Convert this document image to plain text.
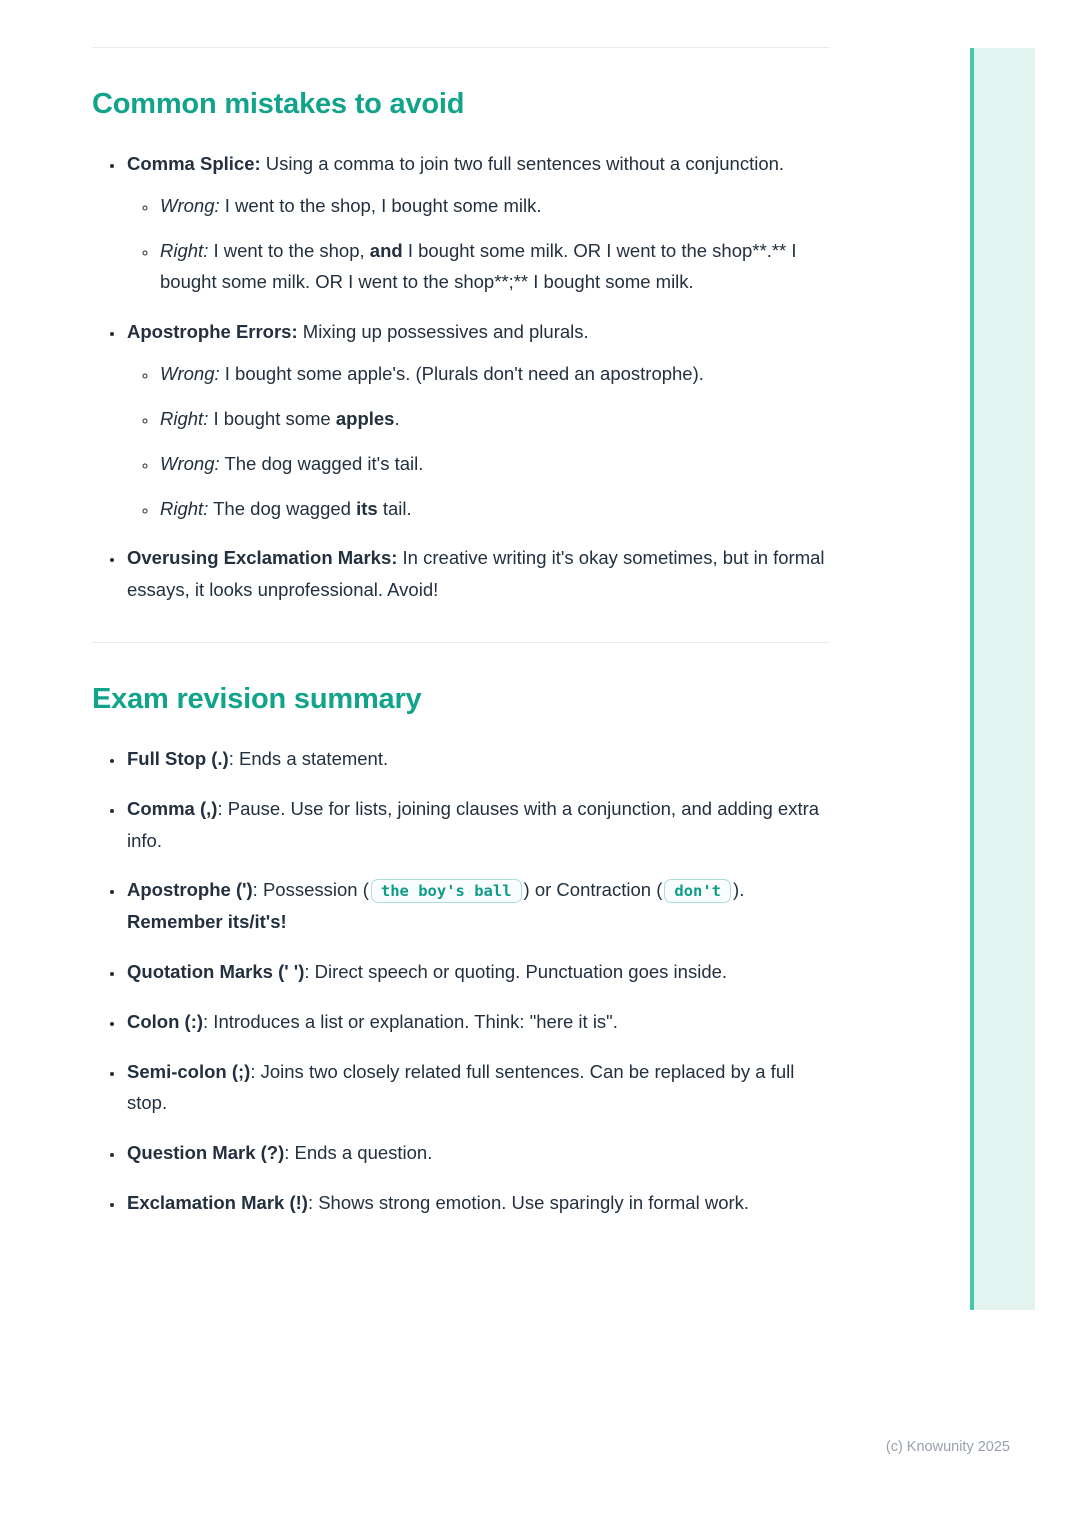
Common mistakes to avoid
• Comma Splice: Using a comma to join two full sentences without a conjunction.
◦ Wrong: I went to the shop, I bought some milk.
◦ Right: I went to the shop, and I bought some milk. OR I went to the shop**.** I bought some milk. OR I went to the shop**;** I bought some milk.
• Apostrophe Errors: Mixing up possessives and plurals.
◦ Wrong: I bought some apple's. (Plurals don't need an apostrophe).
◦ Right: I bought some apples.
◦ Wrong: The dog wagged it's tail.
◦ Right: The dog wagged its tail.
• Overusing Exclamation Marks: In creative writing it's okay sometimes, but in formal essays, it looks unprofessional. Avoid!
Exam revision summary
• Full Stop (.): Ends a statement.
• Comma (,): Pause. Use for lists, joining clauses with a conjunction, and adding extra info.
• Apostrophe ('): Possession ( the boy's ball ) or Contraction ( don't ). Remember its/it's!
• Quotation Marks (' '): Direct speech or quoting. Punctuation goes inside.
• Colon (:): Introduces a list or explanation. Think: "here it is".
• Semi-colon (;): Joins two closely related full sentences. Can be replaced by a full stop.
• Question Mark (?): Ends a question.
• Exclamation Mark (!): Shows strong emotion. Use sparingly in formal work.
(c) Knowunity 2025
